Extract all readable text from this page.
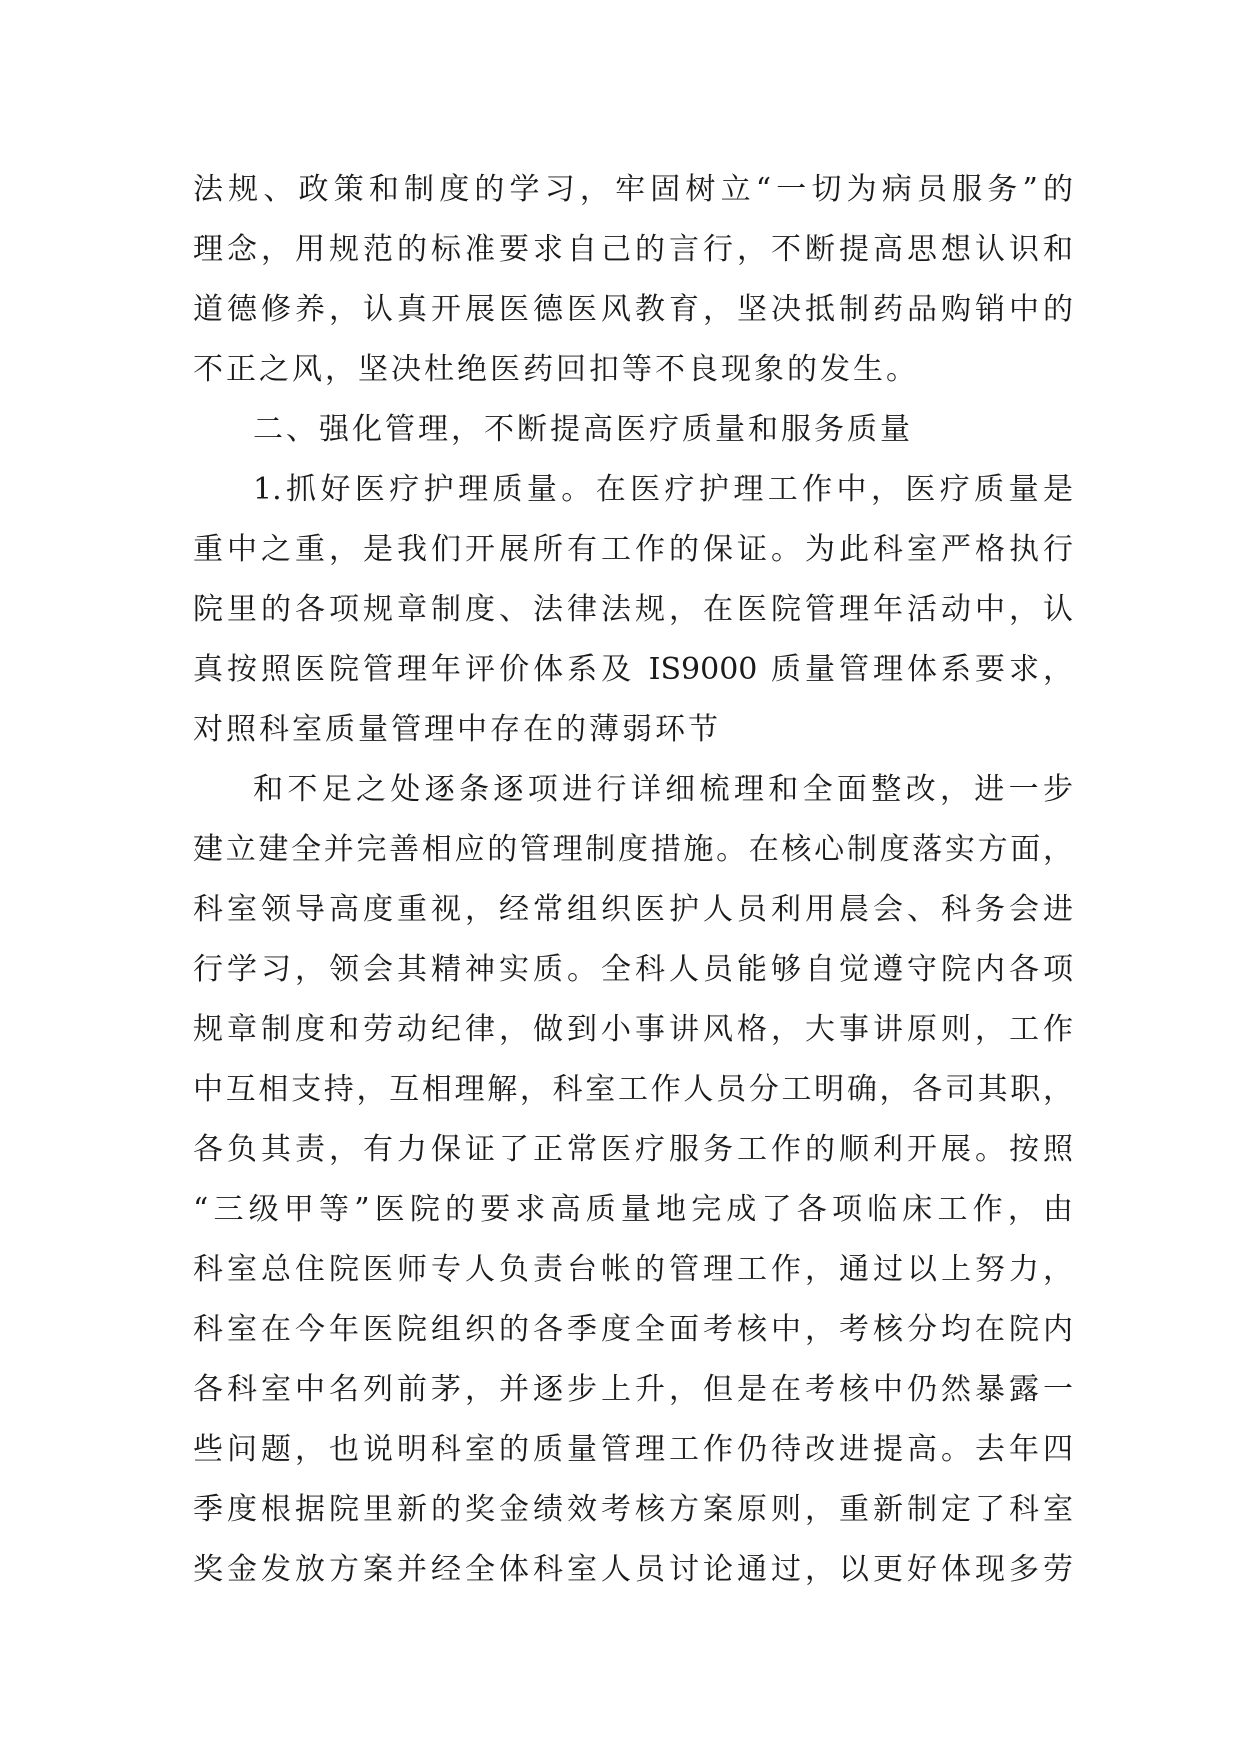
法规、政策和制度的学习，牢固树立“一切为病员服务”的

理念，用规范的标准要求自己的言行，不断提高思想认识和

道德修养，认真开展医德医风教育，坚决抵制药品购销中的

不正之风，坚决杜绝医药回扣等不良现象的发生。

二、强化管理，不断提高医疗质量和服务质量

1.抓好医疗护理质量。在医疗护理工作中，医疗质量是

重中之重，是我们开展所有工作的保证。为此科室严格执行

院里的各项规章制度、法律法规，在医院管理年活动中，认

真按照医院管理年评价体系及 IS9000 质量管理体系要求，

对照科室质量管理中存在的薄弱环节

和不足之处逐条逐项进行详细梳理和全面整改，进一步

建立建全并完善相应的管理制度措施。在核心制度落实方面，

科室领导高度重视，经常组织医护人员利用晨会、科务会进

行学习，领会其精神实质。全科人员能够自觉遵守院内各项

规章制度和劳动纪律，做到小事讲风格，大事讲原则，工作

中互相支持，互相理解，科室工作人员分工明确，各司其职，

各负其责，有力保证了正常医疗服务工作的顺利开展。按照

“三级甲等”医院的要求高质量地完成了各项临床工作，由

科室总住院医师专人负责台帐的管理工作，通过以上努力，

科室在今年医院组织的各季度全面考核中，考核分均在院内

各科室中名列前茅，并逐步上升，但是在考核中仍然暴露一

些问题，也说明科室的质量管理工作仍待改进提高。去年四

季度根据院里新的奖金绩效考核方案原则，重新制定了科室

奖金发放方案并经全体科室人员讨论通过，以更好体现多劳
